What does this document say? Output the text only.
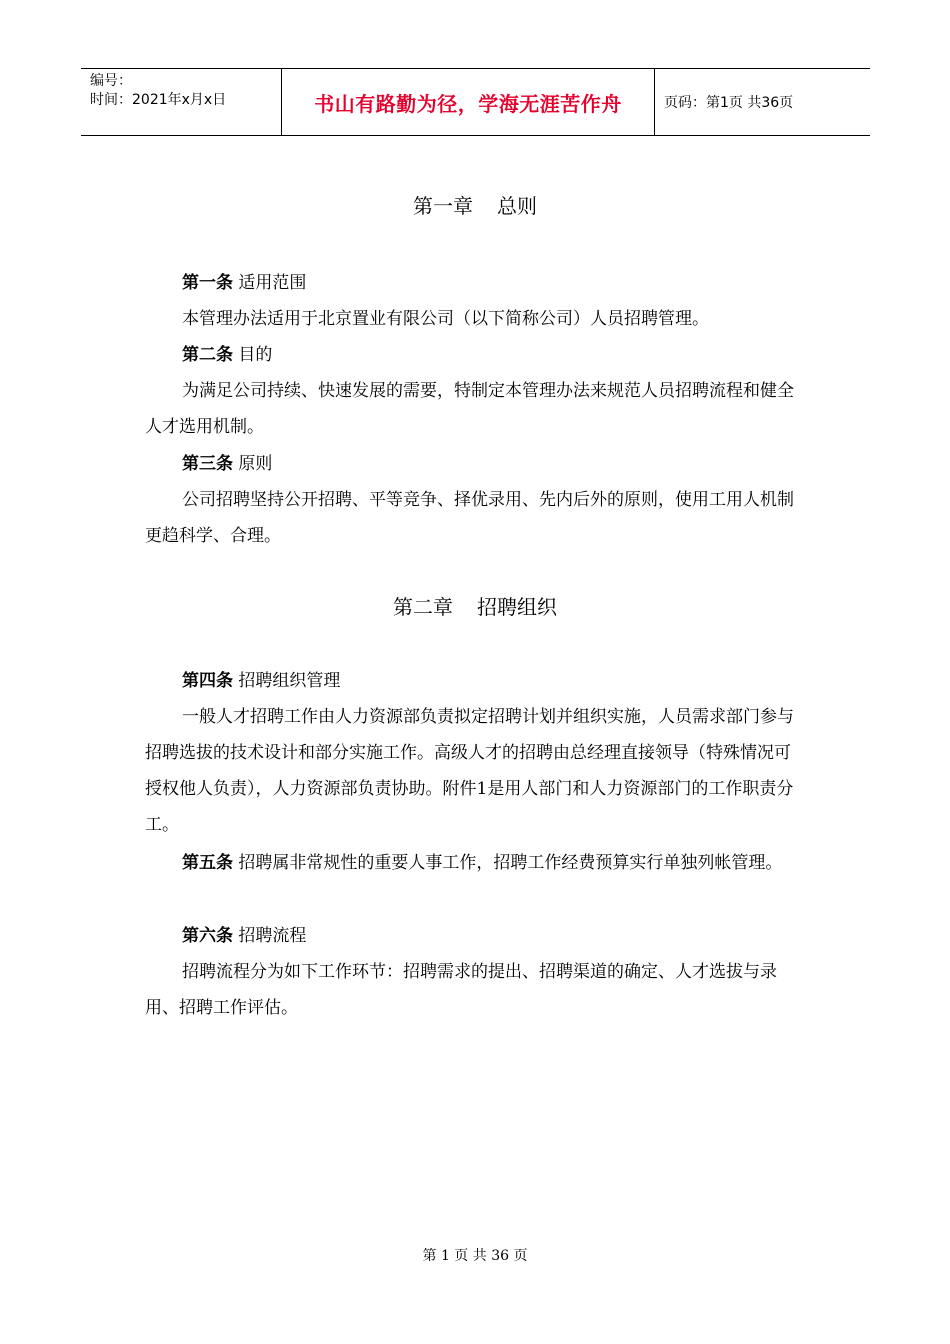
编号：
时间：2021年x月x日	书山有路勤为径，学海无涯苦作舟	页码：第1页 共36页
第一章 总则
第一条 适用范围
本管理办法适用于北京置业有限公司（以下简称公司）人员招聘管理。
第二条 目的
为满足公司持续、快速发展的需要，特制定本管理办法来规范人员招聘流程和健全人才选用机制。
第三条 原则
公司招聘坚持公开招聘、平等竞争、择优录用、先内后外的原则，使用工用人机制更趋科学、合理。
第二章 招聘组织
第四条 招聘组织管理
一般人才招聘工作由人力资源部负责拟定招聘计划并组织实施，人员需求部门参与招聘选拔的技术设计和部分实施工作。高级人才的招聘由总经理直接领导（特殊情况可授权他人负责），人力资源部负责协助。附件1是用人部门和人力资源部门的工作职责分工。
第五条 招聘属非常规性的重要人事工作，招聘工作经费预算实行单独列帐管理。
第六条 招聘流程
招聘流程分为如下工作环节：招聘需求的提出、招聘渠道的确定、人才选拔与录用、招聘工作评估。
第 1 页 共 36 页
